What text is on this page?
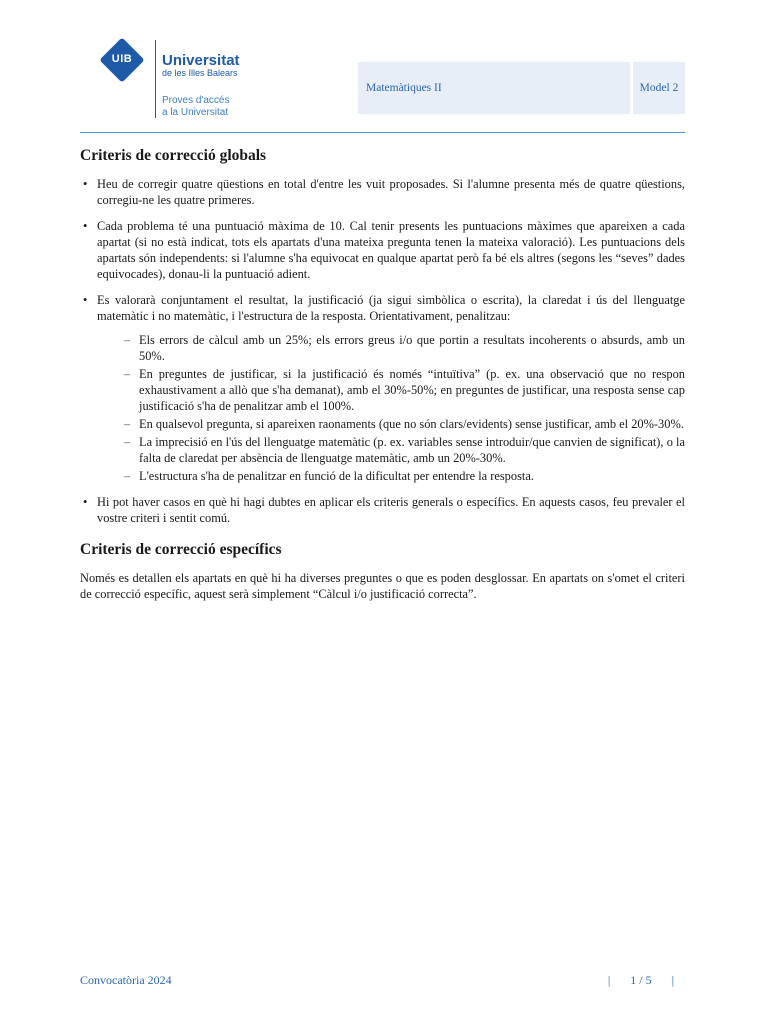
UIB	Universitat
de les Illes Balears
Proves d'accés
a la Universitat
Matemàtiques II	Model 2
Criteris de correcció globals
• Heu de corregir quatre qüestions en total d'entre les vuit proposades. Si l'alumne presenta més de quatre qüestions, corregiu-ne les quatre primeres.
• Cada problema té una puntuació màxima de 10. Cal tenir presents les puntuacions màximes que apareixen a cada apartat (si no està indicat, tots els apartats d'una mateixa pregunta tenen la mateixa valoració). Les puntuacions dels apartats són independents: si l'alumne s'ha equivocat en qualque apartat però fa bé els altres (segons les “seves” dades equivocades), donau-li la puntuació adient.
• Es valorarà conjuntament el resultat, la justificació (ja sigui simbòlica o escrita), la claredat i ús del llenguatge matemàtic i no matemàtic, i l'estructura de la resposta. Orientativament, penalitzau:
– Els errors de càlcul amb un 25%; els errors greus i/o que portin a resultats incoherents o absurds, amb un 50%.
– En preguntes de justificar, si la justificació és només “intuïtiva” (p. ex. una observació que no respon exhaustivament a allò que s'ha demanat), amb el 30%-50%; en preguntes de justificar, una resposta sense cap justificació s'ha de penalitzar amb el 100%.
– En qualsevol pregunta, si apareixen raonaments (que no són clars/evidents) sense justificar, amb el 20%-30%.
– La imprecisió en l'ús del llenguatge matemàtic (p. ex. variables sense introduir/que canvien de significat), o la falta de claredat per absència de llenguatge matemàtic, amb un 20%-30%.
– L'estructura s'ha de penalitzar en funció de la dificultat per entendre la resposta.
• Hi pot haver casos en què hi hagi dubtes en aplicar els criteris generals o específics. En aquests casos, feu prevaler el vostre criteri i sentit comú.
Criteris de correcció específics

Només es detallen els apartats en què hi ha diverses preguntes o que es poden desglossar. En apartats on s'omet el criteri de correcció específic, aquest serà simplement “Càlcul i/o justificació correcta”.

Convocatòria 2024	|	1 / 5	|
